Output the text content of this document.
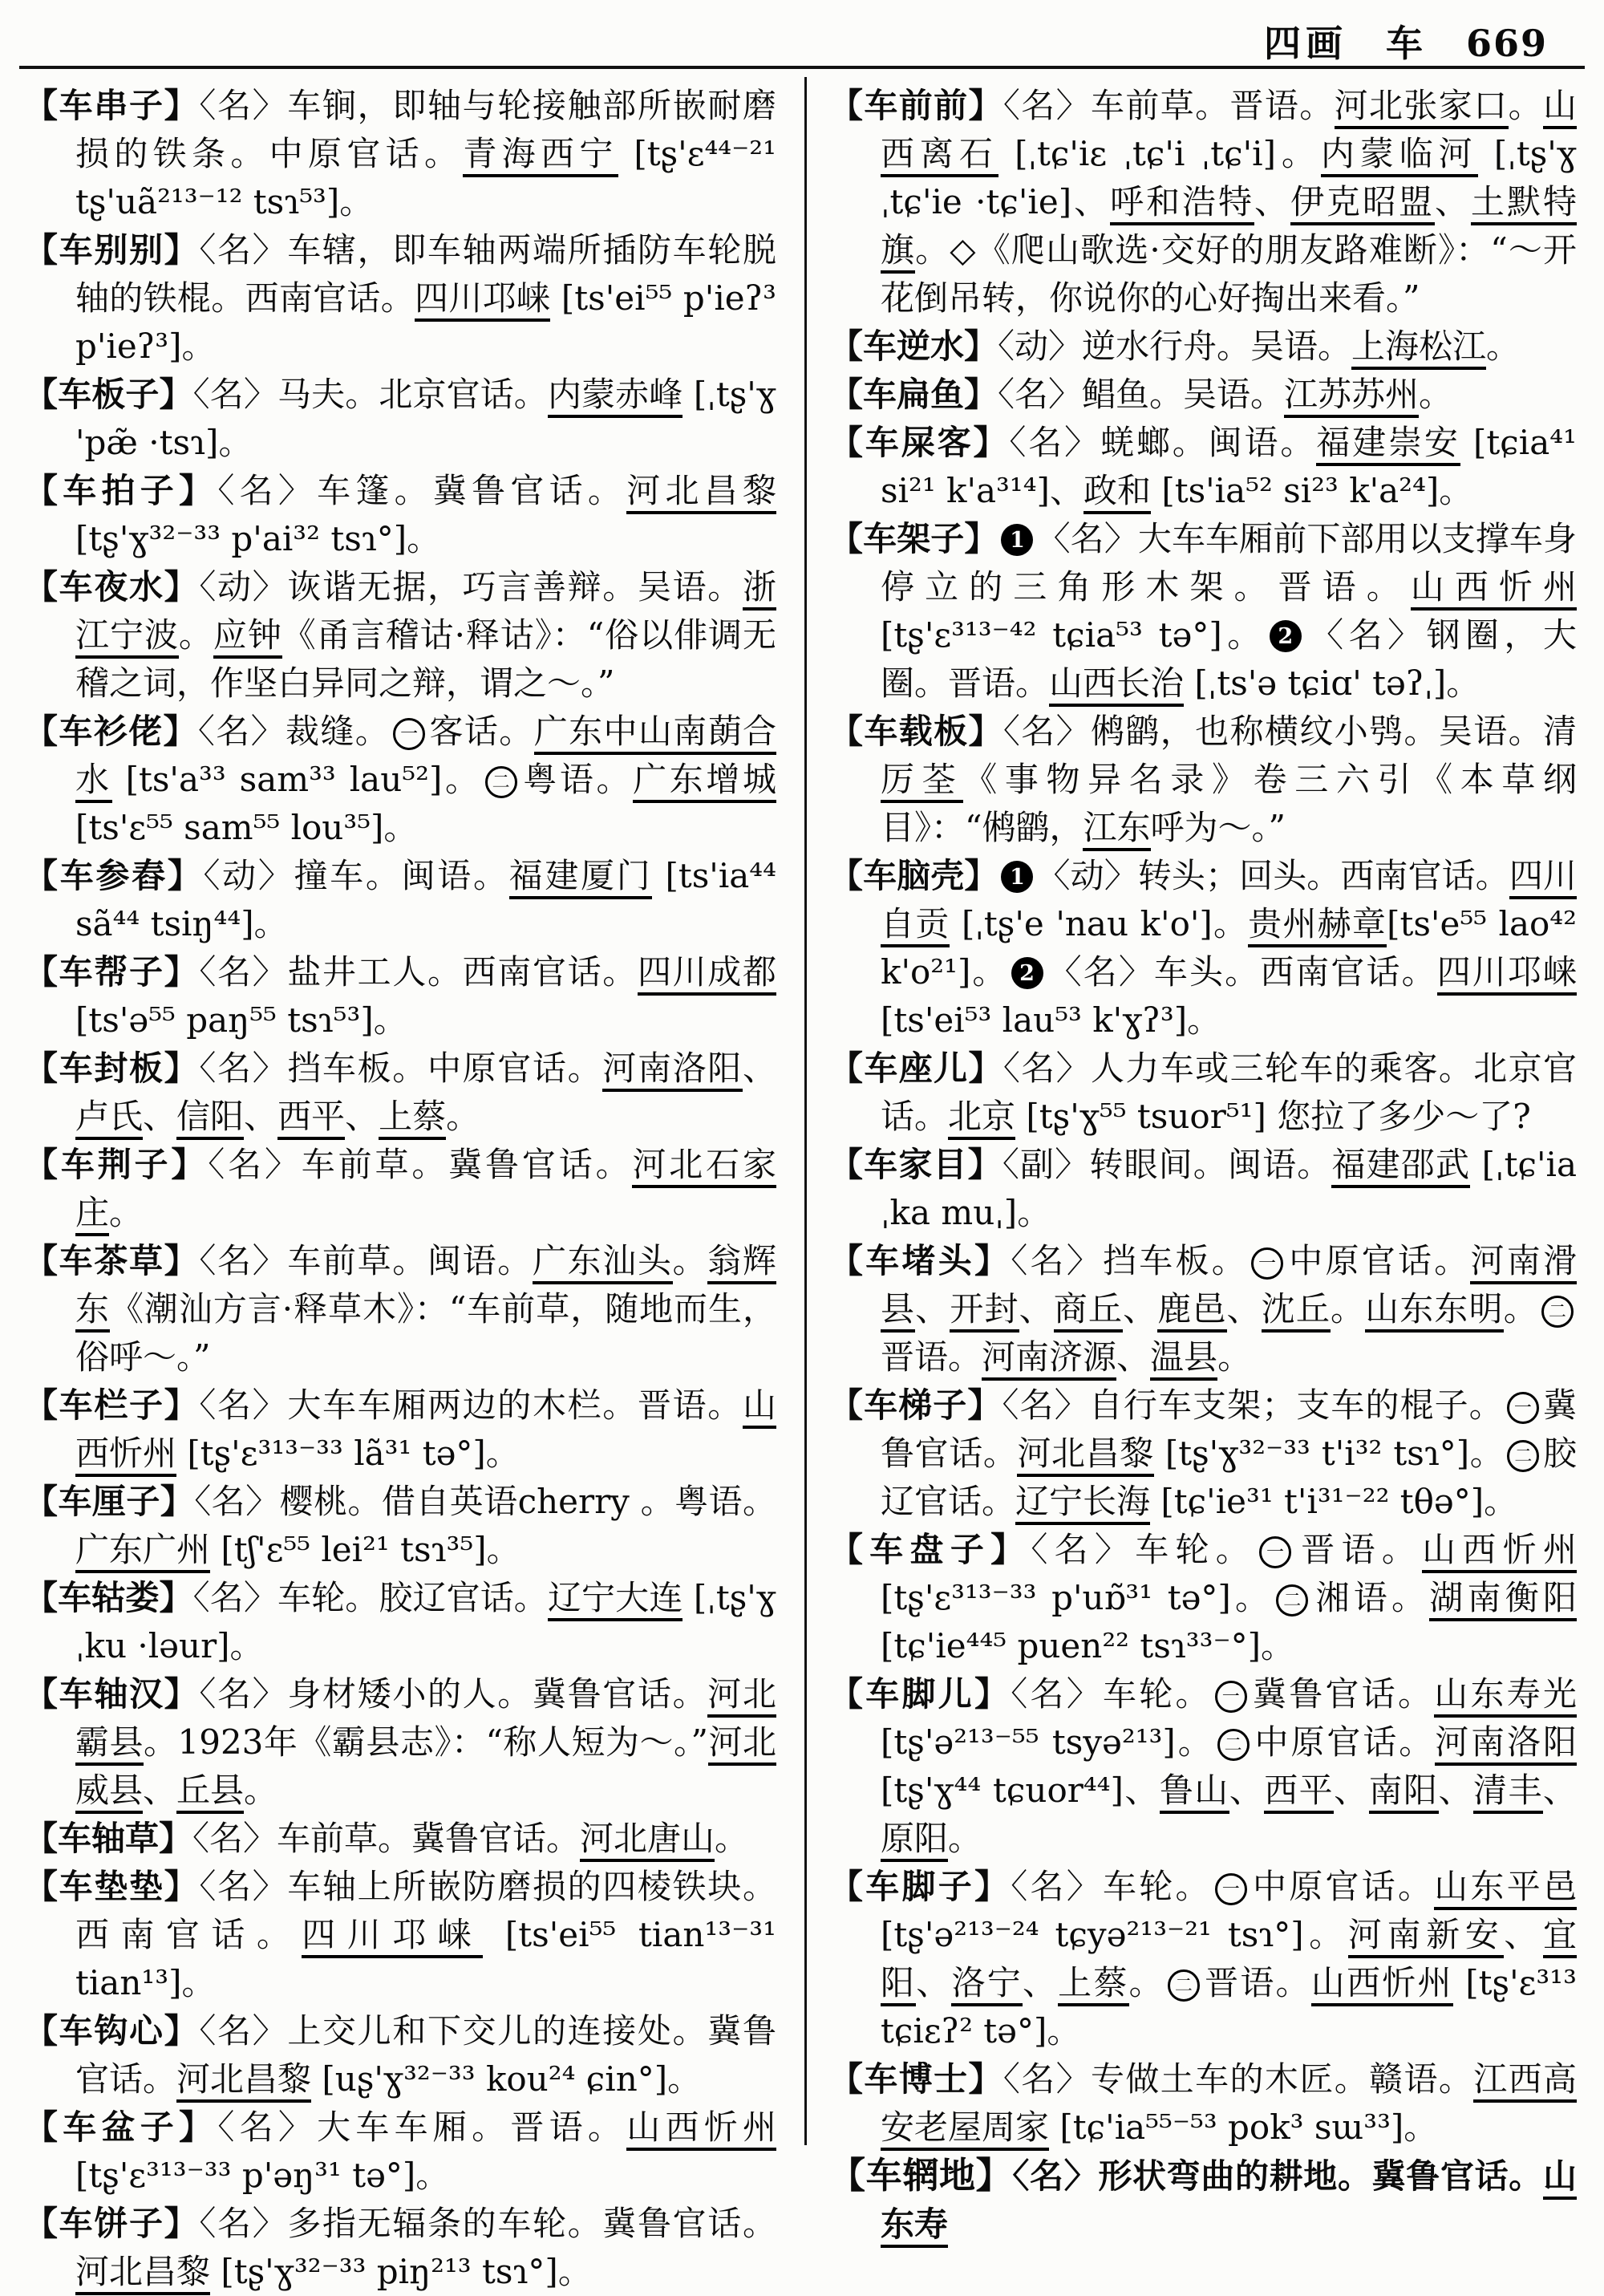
四画 车 669

【车串子】〈名〉车锏，即轴与轮接触部所嵌耐磨损的铁条。中原官话。青海西宁 [tʂ'ɛ⁴⁴⁻²¹ tʂ'uã²¹³⁻¹² tsɿ⁵³]。

【车别别】〈名〉车辖，即车轴两端所插防车轮脱轴的铁棍。西南官话。四川邛崃 [ts'ei⁵⁵ p'ieʔ³ p'ieʔ³]。

【车板子】〈名〉马夫。北京官话。内蒙赤峰 [ˌtʂ'ɣ 'pæ̃ ·tsɿ]。

【车拍子】〈名〉车篷。冀鲁官话。河北昌黎 [tʂ'ɣ³²⁻³³ p'ai³² tsɿ°]。

【车夜水】〈动〉诙谐无据，巧言善辩。吴语。浙江宁波。应钟《甬言稽诂·释诂》：“俗以俳调无稽之词，作坚白异同之辩，谓之～。”

【车衫佬】〈名〉裁缝。 一 客话。广东中山南蓢合水 [ts'a³³ sam³³ lau⁵²]。 二 粤语。广东增城 [ts'ɛ⁵⁵ sam⁵⁵ lou³⁵]。

【车参舂】〈动〉撞车。闽语。福建厦门 [ts'ia⁴⁴ sã⁴⁴ tsiŋ⁴⁴]。

【车帮子】〈名〉盐井工人。西南官话。四川成都 [ts'ə⁵⁵ paŋ⁵⁵ tsɿ⁵³]。

【车封板】〈名〉挡车板。中原官话。河南洛阳、卢氏、信阳、西平、上蔡。

【车荆子】〈名〉车前草。冀鲁官话。河北石家庄。

【车茶草】〈名〉车前草。闽语。广东汕头。翁辉东《潮汕方言·释草木》：“车前草，随地而生，俗呼～。”

【车栏子】〈名〉大车车厢两边的木栏。晋语。山西忻州 [tʂ'ɛ³¹³⁻³³ lã³¹ tə°]。

【车厘子】〈名〉樱桃。借自英语cherry 。粤语。广东广州 [tʃ'ɛ⁵⁵ lei²¹ tsɿ³⁵]。

【车轱娄】〈名〉车轮。胶辽官话。辽宁大连 [ˌtʂ'ɣ ˌku ·ləur]。

【车轴汉】〈名〉身材矮小的人。冀鲁官话。河北霸县。1923年《霸县志》：“称人短为～。”河北威县、丘县。

【车轴草】〈名〉车前草。冀鲁官话。河北唐山。

【车垫垫】〈名〉车轴上所嵌防磨损的四棱铁块。西南官话。四川邛崃 [ts'ei⁵⁵ tian¹³⁻³¹ tian¹³]。

【车钩心】〈名〉上交儿和下交儿的连接处。冀鲁官话。河北昌黎 [uʂ'ɣ³²⁻³³ kou²⁴ ɕin°]。

【车盆子】〈名〉大车车厢。晋语。山西忻州 [tʂ'ɛ³¹³⁻³³ p'əŋ³¹ tə°]。

【车饼子】〈名〉多指无辐条的车轮。冀鲁官话。河北昌黎 [tʂ'ɣ³²⁻³³ piŋ²¹³ tsɿ°]。

【车前前】〈名〉车前草。晋语。河北张家口。山西离石 [ˌtɕ'iɛ ˌtɕ'i ˌtɕ'i]。内蒙临河 [ˌtʂ'ɣ ˌtɕ'ie ·tɕ'ie]、呼和浩特、伊克昭盟、土默特旗。◇《爬山歌选·交好的朋友路难断》：“～开花倒吊转，你说你的心好掏出来看。”

【车逆水】〈动〉逆水行舟。吴语。上海松江。

【车扁鱼】〈名〉鲳鱼。吴语。江苏苏州。

【车屎客】〈名〉蜣螂。闽语。福建崇安 [tɕia⁴¹ si²¹ k'a³¹⁴]、政和 [ts'ia⁵² si²³ k'a²⁴]。

【车架子】 1 〈名〉大车车厢前下部用以支撑车身停立的三角形木架。晋语。山西忻州 [tʂ'ɛ³¹³⁻⁴² tɕia⁵³ tə°]。 2 〈名〉钢圈，大圈。晋语。山西长治 [ˌts'ə tɕiɑ' təʔˌ]。

【车载板】〈名〉鸺鹠，也称横纹小鸮。吴语。清厉荃《事物异名录》卷三六引《本草纲目》：“鸺鹠，江东呼为～。”

【车脑壳】 1 〈动〉转头；回头。西南官话。四川自贡 [ˌtʂ'e 'nau k'o']。贵州赫章[ts'e⁵⁵ lao⁴² k'o²¹]。 2 〈名〉车头。西南官话。四川邛崃 [ts'ei⁵³ lau⁵³ k'ɣʔ³]。

【车座儿】〈名〉人力车或三轮车的乘客。北京官话。北京 [tʂ'ɣ⁵⁵ tsuor⁵¹] 您拉了多少～了?

【车家目】〈副〉转眼间。闽语。福建邵武 [ˌtɕ'ia ˌka muˌ]。

【车堵头】〈名〉挡车板。 一 中原官话。河南滑县、开封、商丘、鹿邑、沈丘。山东东明。 二晋语。河南济源、温县。

【车梯子】〈名〉自行车支架；支车的棍子。 一 冀鲁官话。河北昌黎 [tʂ'ɣ³²⁻³³ t'i³² tsɿ°]。 二 胶辽官话。辽宁长海 [tɕ'ie³¹ t'i³¹⁻²² tθə°]。

【车盘子】〈名〉车轮。 一 晋语。山西忻州 [tʂ'ɛ³¹³⁻³³ p'uɒ̃³¹ tə°]。 二 湘语。湖南衡阳 [tɕ'ie⁴⁴⁵ puen²² tsɿ³³⁻°]。

【车脚儿】〈名〉车轮。 一 冀鲁官话。山东寿光[tʂ'ə²¹³⁻⁵⁵ tsyə²¹³]。 二 中原官话。河南洛阳[tʂ'ɣ⁴⁴ tɕuor⁴⁴]、鲁山、西平、南阳、清丰、原阳。

【车脚子】〈名〉车轮。 一 中原官话。山东平邑[tʂ'ə²¹³⁻²⁴ tɕyə²¹³⁻²¹ tsɿ°]。河南新安、宜阳、洛宁、上蔡。 二 晋语。山西忻州 [tʂ'ɛ³¹³ tɕiɛʔ² tə°]。

【车博士】〈名〉专做土车的木匠。赣语。江西高安老屋周家 [tɕ'ia⁵⁵⁻⁵³ pok³ sɯ³³]。

【车辋地】〈名〉形状弯曲的耕地。冀鲁官话。山东寿
